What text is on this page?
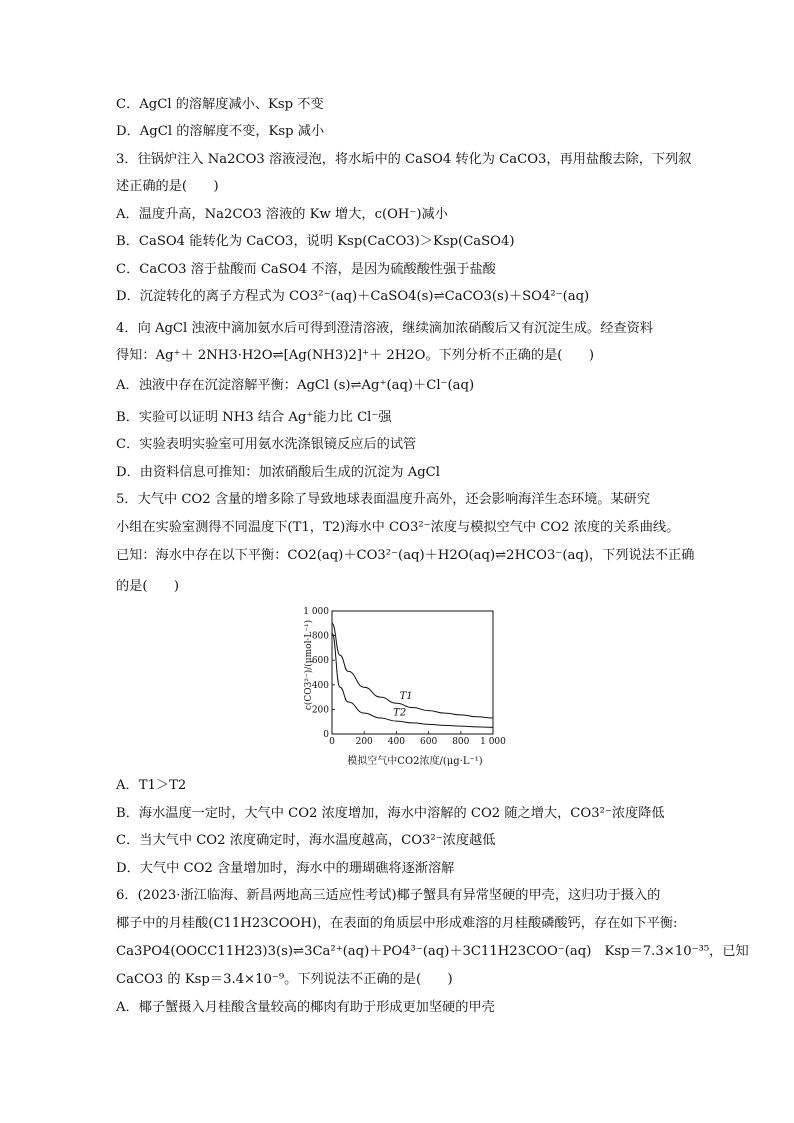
C．AgCl 的溶解度减小、Ksp 不变
D．AgCl 的溶解度不变，Ksp 减小
3．往锅炉注入 Na2CO3 溶液浸泡，将水垢中的 CaSO4 转化为 CaCO3，再用盐酸去除，下列叙
述正确的是(　　)
A．温度升高，Na2CO3 溶液的 Kw 增大，c(OH⁻)减小
B．CaSO4 能转化为 CaCO3，说明 Ksp(CaCO3)＞Ksp(CaSO4)
C．CaCO3 溶于盐酸而 CaSO4 不溶，是因为硫酸酸性强于盐酸
D．沉淀转化的离子方程式为 CO3²⁻(aq)＋CaSO4(s)⇌CaCO3(s)＋SO4²⁻(aq)
4．向 AgCl 浊液中滴加氨水后可得到澄清溶液，继续滴加浓硝酸后又有沉淀生成。经查资料
得知：Ag⁺＋ 2NH3·H2O⇌[Ag(NH3)2]⁺＋ 2H2O。下列分析不正确的是(　　)
A．浊液中存在沉淀溶解平衡：AgCl (s)⇌Ag⁺(aq)＋Cl⁻(aq)
B．实验可以证明 NH3 结合 Ag⁺能力比 Cl⁻强
C．实验表明实验室可用氨水洗涤银镜反应后的试管
D．由资料信息可推知：加浓硝酸后生成的沉淀为 AgCl
5．大气中 CO2 含量的增多除了导致地球表面温度升高外，还会影响海洋生态环境。某研究
小组在实验室测得不同温度下(T1，T2)海水中 CO3²⁻浓度与模拟空气中 CO2 浓度的关系曲线。
已知：海水中存在以下平衡：CO2(aq)＋CO3²⁻(aq)＋H2O(aq)⇌2HCO3⁻(aq)，下列说法不正确
的是(　　)
0 200 400 600 800 1 000
0
200
400
600
800
1 000
T1
T2
c(CO3²⁻)/(μmol·L⁻¹)
模拟空气中CO2浓度/(μg·L⁻¹)
A．T1＞T2
B．海水温度一定时，大气中 CO2 浓度增加，海水中溶解的 CO2 随之增大，CO3²⁻浓度降低
C．当大气中 CO2 浓度确定时，海水温度越高，CO3²⁻浓度越低
D．大气中 CO2 含量增加时，海水中的珊瑚礁将逐渐溶解
6．(2023·浙江临海、新昌两地高三适应性考试)椰子蟹具有异常坚硬的甲壳，这归功于摄入的
椰子中的月桂酸(C11H23COOH)，在表面的角质层中形成难溶的月桂酸磷酸钙，存在如下平衡:
Ca3PO4(OOCC11H23)3(s)⇌3Ca²⁺(aq)＋PO4³⁻(aq)＋3C11H23COO⁻(aq)　Ksp＝7.3×10⁻³⁵，已知
CaCO3 的 Ksp＝3.4×10⁻⁹。下列说法不正确的是(　　)
A．椰子蟹摄入月桂酸含量较高的椰肉有助于形成更加坚硬的甲壳
